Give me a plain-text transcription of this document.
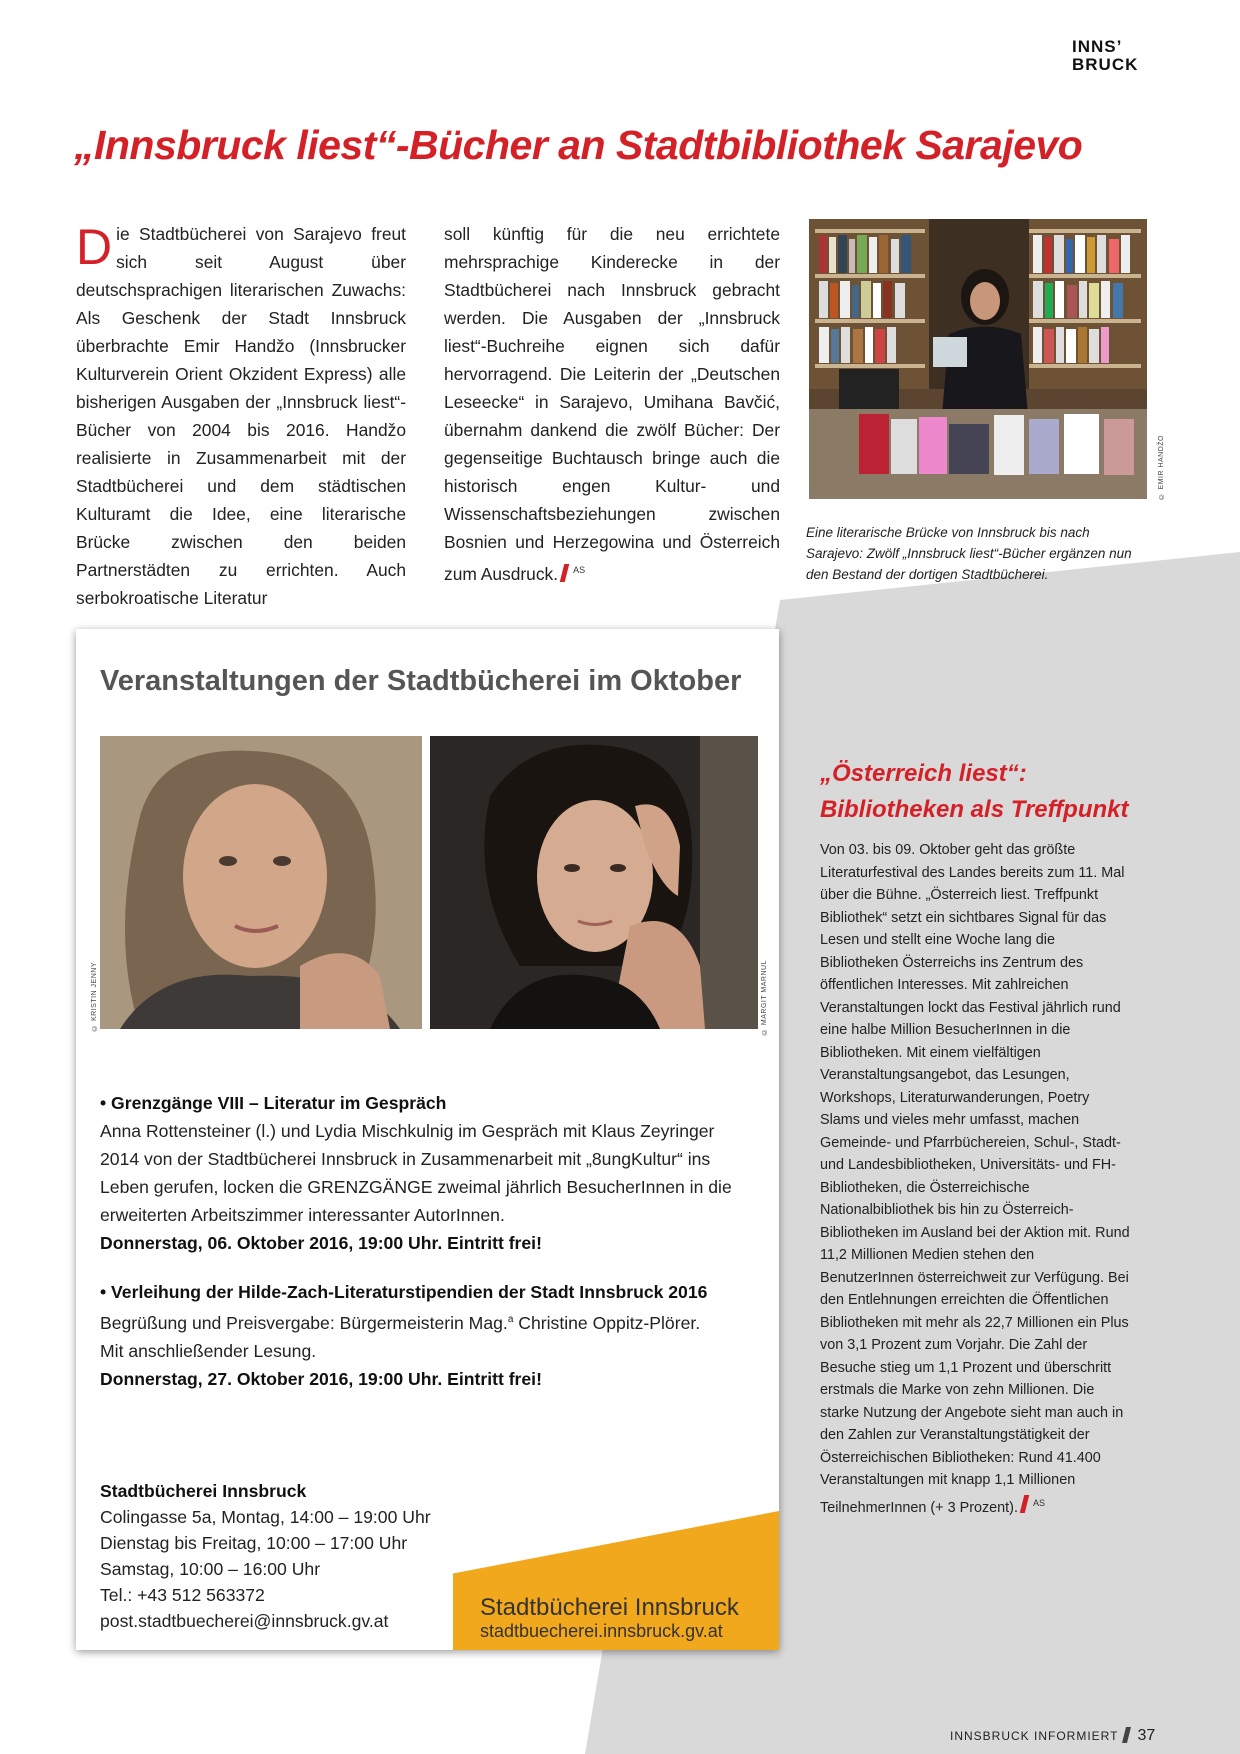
INNS’
BRUCK
„Innsbruck liest“-Bücher an Stadtbibliothek Sarajevo
Die Stadtbücherei von Sarajevo freut sich seit August über deutschsprachigen literarischen Zuwachs: Als Geschenk der Stadt Innsbruck überbrachte Emir Handžo (Innsbrucker Kulturverein Orient Okzident Express) alle bisherigen Ausgaben der „Innsbruck liest“-Bücher von 2004 bis 2016. Handžo realisierte in Zusammenarbeit mit der Stadtbücherei und dem städtischen Kulturamt die Idee, eine literarische Brücke zwischen den beiden Partnerstädten zu errichten. Auch serbokroatische Literatur
soll künftig für die neu errichtete mehrsprachige Kinderecke in der Stadtbücherei nach Innsbruck gebracht werden. Die Ausgaben der „Innsbruck liest“-Buchreihe eignen sich dafür hervorragend. Die Leiterin der „Deutschen Leseecke“ in Sarajevo, Umihana Bavčić, übernahm dankend die zwölf Bücher: Der gegenseitige Buchtausch bringe auch die historisch engen Kultur- und Wissenschaftsbeziehungen zwischen Bosnien und Herzegowina und Österreich zum Ausdruck. $^{AS}$
© EMIR HANDŽO
Eine literarische Brücke von Innsbruck bis nach Sarajevo: Zwölf „Innsbruck liest“-Bücher ergänzen nun den Bestand der dortigen Stadtbücherei.
Veranstaltungen der Stadtbücherei im Oktober
© KRISTIN JENNY	© MARGIT MARNUL
• Grenzgänge VIII – Literatur im Gespräch
Anna Rottensteiner (l.) und Lydia Mischkulnig im Gespräch mit Klaus Zeyringer
2014 von der Stadtbücherei Innsbruck in Zusammenarbeit mit „8ungKultur“ ins
Leben gerufen, locken die GRENZGÄNGE zweimal jährlich BesucherInnen in die
erweiterten Arbeitszimmer interessanter AutorInnen.
Donnerstag, 06. Oktober 2016, 19:00 Uhr. Eintritt frei!
• Verleihung der Hilde-Zach-Literaturstipendien der Stadt Innsbruck 2016
Begrüßung und Preisvergabe: Bürgermeisterin Mag.$^a$ Christine Oppitz-Plörer.
Mit anschließender Lesung.
Donnerstag, 27. Oktober 2016, 19:00 Uhr. Eintritt frei!
Stadtbücherei Innsbruck
Colingasse 5a, Montag, 14:00 – 19:00 Uhr
Dienstag bis Freitag, 10:00 – 17:00 Uhr
Samstag, 10:00 – 16:00 Uhr
Tel.: +43 512 563372
post.stadtbuecherei@innsbruck.gv.at	Stadtbücherei Innsbruck
stadtbuecherei.innsbruck.gv.at
„Österreich liest“:
Bibliotheken als Treffpunkt
Von 03. bis 09. Oktober geht das größte Literaturfestival des Landes bereits zum 11. Mal über die Bühne. „Österreich liest. Treffpunkt Bibliothek“ setzt ein sichtbares Signal für das Lesen und stellt eine Woche lang die Bibliotheken Österreichs ins Zentrum des öffentlichen Interesses. Mit zahlreichen Veranstaltungen lockt das Festival jährlich rund eine halbe Million BesucherInnen in die Bibliotheken. Mit einem vielfältigen Veranstaltungsangebot, das Lesungen, Workshops, Literaturwanderungen, Poetry Slams und vieles mehr umfasst, machen Gemeinde- und Pfarrbüchereien, Schul-, Stadt- und Landesbibliotheken, Universitäts- und FH-Bibliotheken, die Österreichische Nationalbibliothek bis hin zu Österreich-Bibliotheken im Ausland bei der Aktion mit. Rund 11,2 Millionen Medien stehen den BenutzerInnen österreichweit zur Verfügung. Bei den Entlehnungen erreichten die Öffentlichen Bibliotheken mit mehr als 22,7 Millionen ein Plus von 3,1 Prozent zum Vorjahr. Die Zahl der Besuche stieg um 1,1 Prozent und überschritt erstmals die Marke von zehn Millionen. Die starke Nutzung der Angebote sieht man auch in den Zahlen zur Veranstaltungstätigkeit der Österreichischen Bibliotheken: Rund 41.400 Veranstaltungen mit knapp 1,1 Millionen TeilnehmerInnen (+ 3 Prozent). $^{AS}$
INNSBRUCK INFORMIERT 37
